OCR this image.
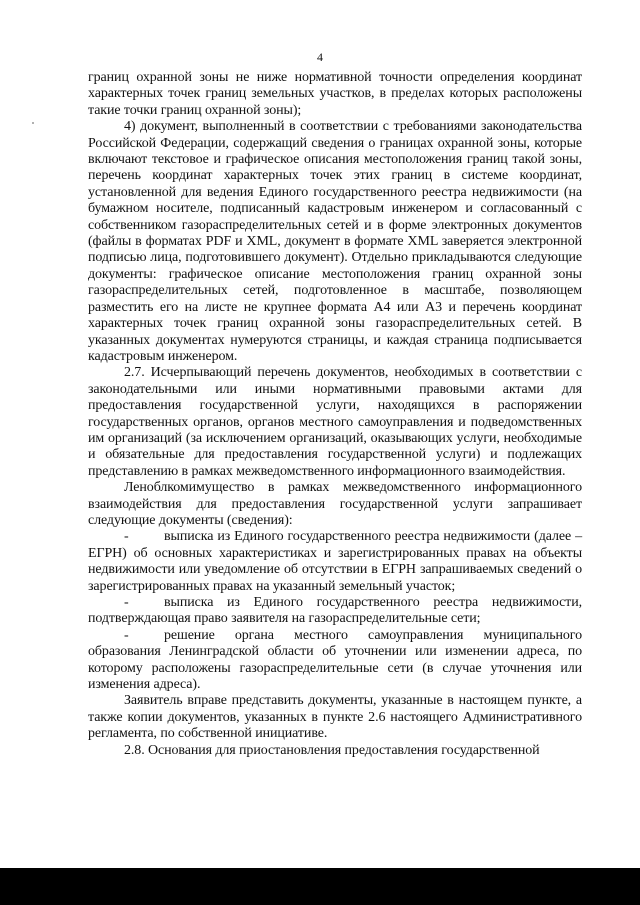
4

границ охранной зоны не ниже нормативной точности определения координат характерных точек границ земельных участков, в пределах которых расположены такие точки границ охранной зоны);

4) документ, выполненный в соответствии с требованиями законодательства Российской Федерации, содержащий сведения о границах охранной зоны, которые включают текстовое и графическое описания местоположения границ такой зоны, перечень координат характерных точек этих границ в системе координат, установленной для ведения Единого государственного реестра недвижимости (на бумажном носителе, подписанный кадастровым инженером и согласованный с собственником газораспределительных сетей и в форме электронных документов (файлы в форматах PDF и XML, документ в формате XML заверяется электронной подписью лица, подготовившего документ). Отдельно прикладываются следующие документы: графическое описание местоположения границ охранной зоны газораспределительных сетей, подготовленное в масштабе, позволяющем разместить его на листе не крупнее формата А4 или А3 и перечень координат характерных точек границ охранной зоны газораспределительных сетей. В указанных документах нумеруются страницы, и каждая страница подписывается кадастровым инженером.

2.7. Исчерпывающий перечень документов, необходимых в соответствии с законодательными или иными нормативными правовыми актами для предоставления государственной услуги, находящихся в распоряжении государственных органов, органов местного самоуправления и подведомственных им организаций (за исключением организаций, оказывающих услуги, необходимые и обязательные для предоставления государственной услуги) и подлежащих представлению в рамках межведомственного информационного взаимодействия.

Леноблкомимущество в рамках межведомственного информационного взаимодействия для предоставления государственной услуги запрашивает следующие документы (сведения):

-	выписка из Единого государственного реестра недвижимости (далее – ЕГРН) об основных характеристиках и зарегистрированных правах на объекты недвижимости или уведомление об отсутствии в ЕГРН запрашиваемых сведений о зарегистрированных правах на указанный земельный участок;

-	выписка из Единого государственного реестра недвижимости, подтверждающая право заявителя на газораспределительные сети;

-	решение органа местного самоуправления муниципального образования Ленинградской области об уточнении или изменении адреса, по которому расположены газораспределительные сети (в случае уточнения или изменения адреса).

Заявитель вправе представить документы, указанные в настоящем пункте, а также копии документов, указанных в пункте 2.6 настоящего Административного регламента, по собственной инициативе.

2.8. Основания для приостановления предоставления государственной
